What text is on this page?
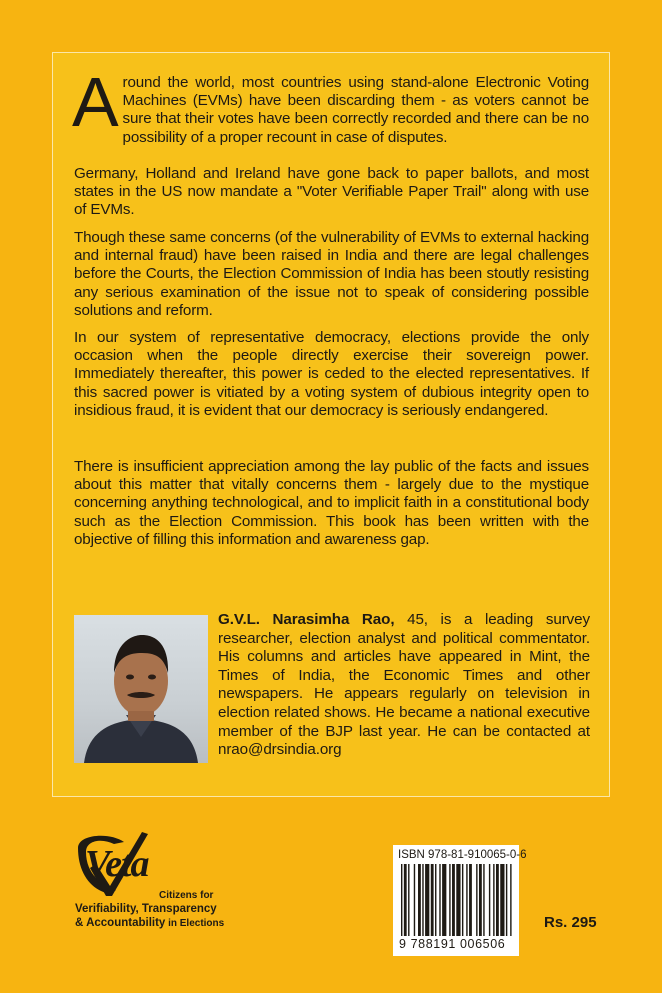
Around the world, most countries using stand-alone Electronic Voting Machines (EVMs) have been discarding them - as voters cannot be sure that their votes have been correctly recorded and there can be no possibility of a proper recount in case of disputes.

Germany, Holland and Ireland have gone back to paper ballots, and most states in the US now mandate a "Voter Verifiable Paper Trail" along with use of EVMs.

Though these same concerns (of the vulnerability of EVMs to external hacking and internal fraud) have been raised in India and there are legal challenges before the Courts, the Election Commission of India has been stoutly resisting any serious examination of the issue not to speak of considering possible solutions and reform.

In our system of representative democracy, elections provide the only occasion when the people directly exercise their sovereign power. Immediately thereafter, this power is ceded to the elected representatives. If this sacred power is vitiated by a voting system of dubious integrity open to insidious fraud, it is evident that our democracy is seriously endangered.

There is insufficient appreciation among the lay public of the facts and issues about this matter that vitally concerns them - largely due to the mystique concerning anything technological, and to implicit faith in a constitutional body such as the Election Commission. This book has been written with the objective of filling this information and awareness gap.

G.V.L. Narasimha Rao, 45, is a leading survey researcher, election analyst and political commentator. His columns and articles have appeared in Mint, the Times of India, the Economic Times and other newspapers. He appears regularly on television in election related shows. He became a national executive member of the BJP last year. He can be contacted at nrao@drsindia.org

Veta
Citizens for
Verifiability, Transparency
& Accountability in Elections
ISBN 978-81-910065-0-6
9 788191 006506
Rs. 295
